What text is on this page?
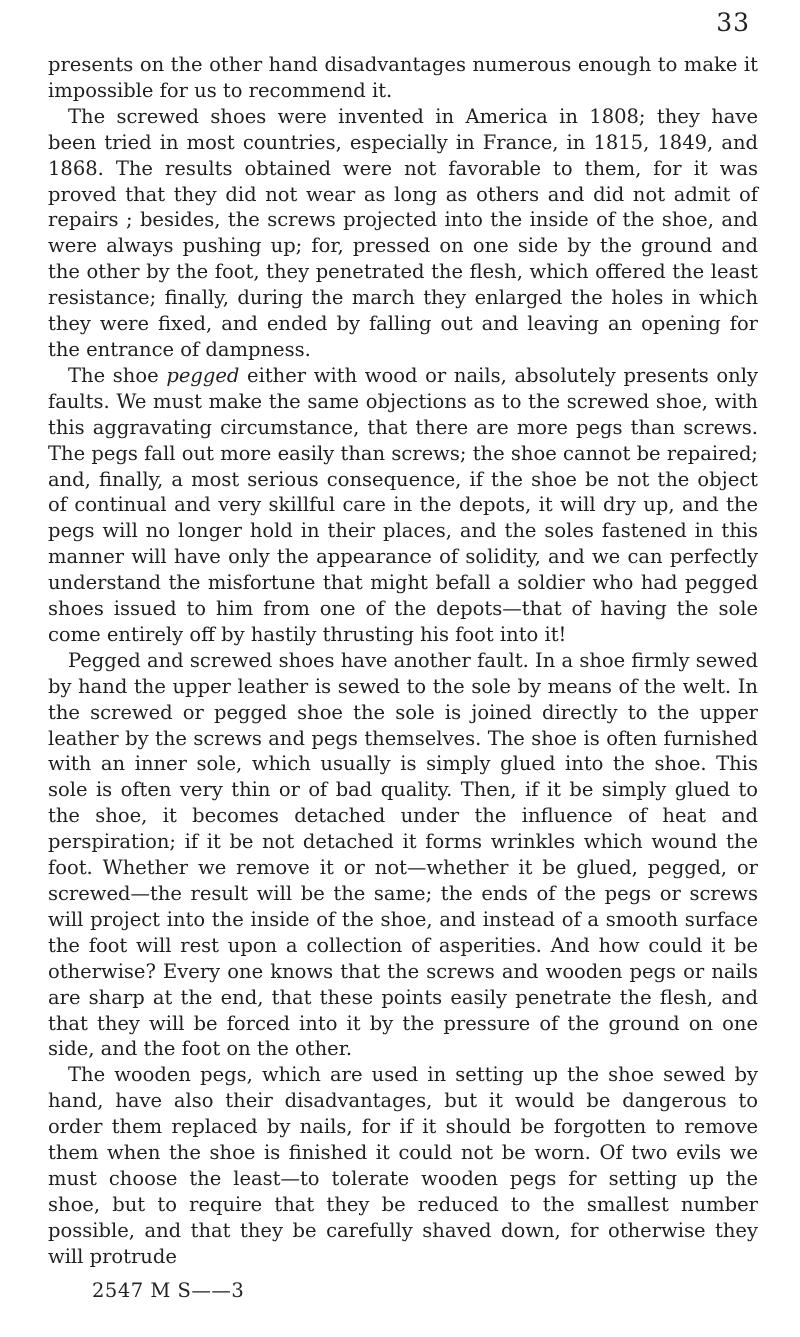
33

presents on the other hand disadvantages numerous enough to make it impossible for us to recommend it.

The screwed shoes were invented in America in 1808; they have been tried in most countries, especially in France, in 1815, 1849, and 1868. The results obtained were not favorable to them, for it was proved that they did not wear as long as others and did not admit of repairs ; besides, the screws projected into the inside of the shoe, and were always pushing up; for, pressed on one side by the ground and the other by the foot, they penetrated the flesh, which offered the least resistance; finally, during the march they enlarged the holes in which they were fixed, and ended by falling out and leaving an opening for the entrance of dampness.

The shoe pegged either with wood or nails, absolutely presents only faults. We must make the same objections as to the screwed shoe, with this aggravating circumstance, that there are more pegs than screws. The pegs fall out more easily than screws; the shoe cannot be repaired; and, finally, a most serious consequence, if the shoe be not the object of continual and very skillful care in the depots, it will dry up, and the pegs will no longer hold in their places, and the soles fastened in this manner will have only the appearance of solidity, and we can perfectly understand the misfortune that might befall a soldier who had pegged shoes issued to him from one of the depots—that of having the sole come entirely off by hastily thrusting his foot into it!

Pegged and screwed shoes have another fault. In a shoe firmly sewed by hand the upper leather is sewed to the sole by means of the welt. In the screwed or pegged shoe the sole is joined directly to the upper leather by the screws and pegs themselves. The shoe is often furnished with an inner sole, which usually is simply glued into the shoe. This sole is often very thin or of bad quality. Then, if it be simply glued to the shoe, it becomes detached under the influence of heat and perspiration; if it be not detached it forms wrinkles which wound the foot. Whether we remove it or not—whether it be glued, pegged, or screwed—the result will be the same; the ends of the pegs or screws will project into the inside of the shoe, and instead of a smooth surface the foot will rest upon a collection of asperities. And how could it be otherwise? Every one knows that the screws and wooden pegs or nails are sharp at the end, that these points easily penetrate the flesh, and that they will be forced into it by the pressure of the ground on one side, and the foot on the other.

The wooden pegs, which are used in setting up the shoe sewed by hand, have also their disadvantages, but it would be dangerous to order them replaced by nails, for if it should be forgotten to remove them when the shoe is finished it could not be worn. Of two evils we must choose the least—to tolerate wooden pegs for setting up the shoe, but to require that they be reduced to the smallest number possible, and that they be carefully shaved down, for otherwise they will protrude

2547 M S——3
